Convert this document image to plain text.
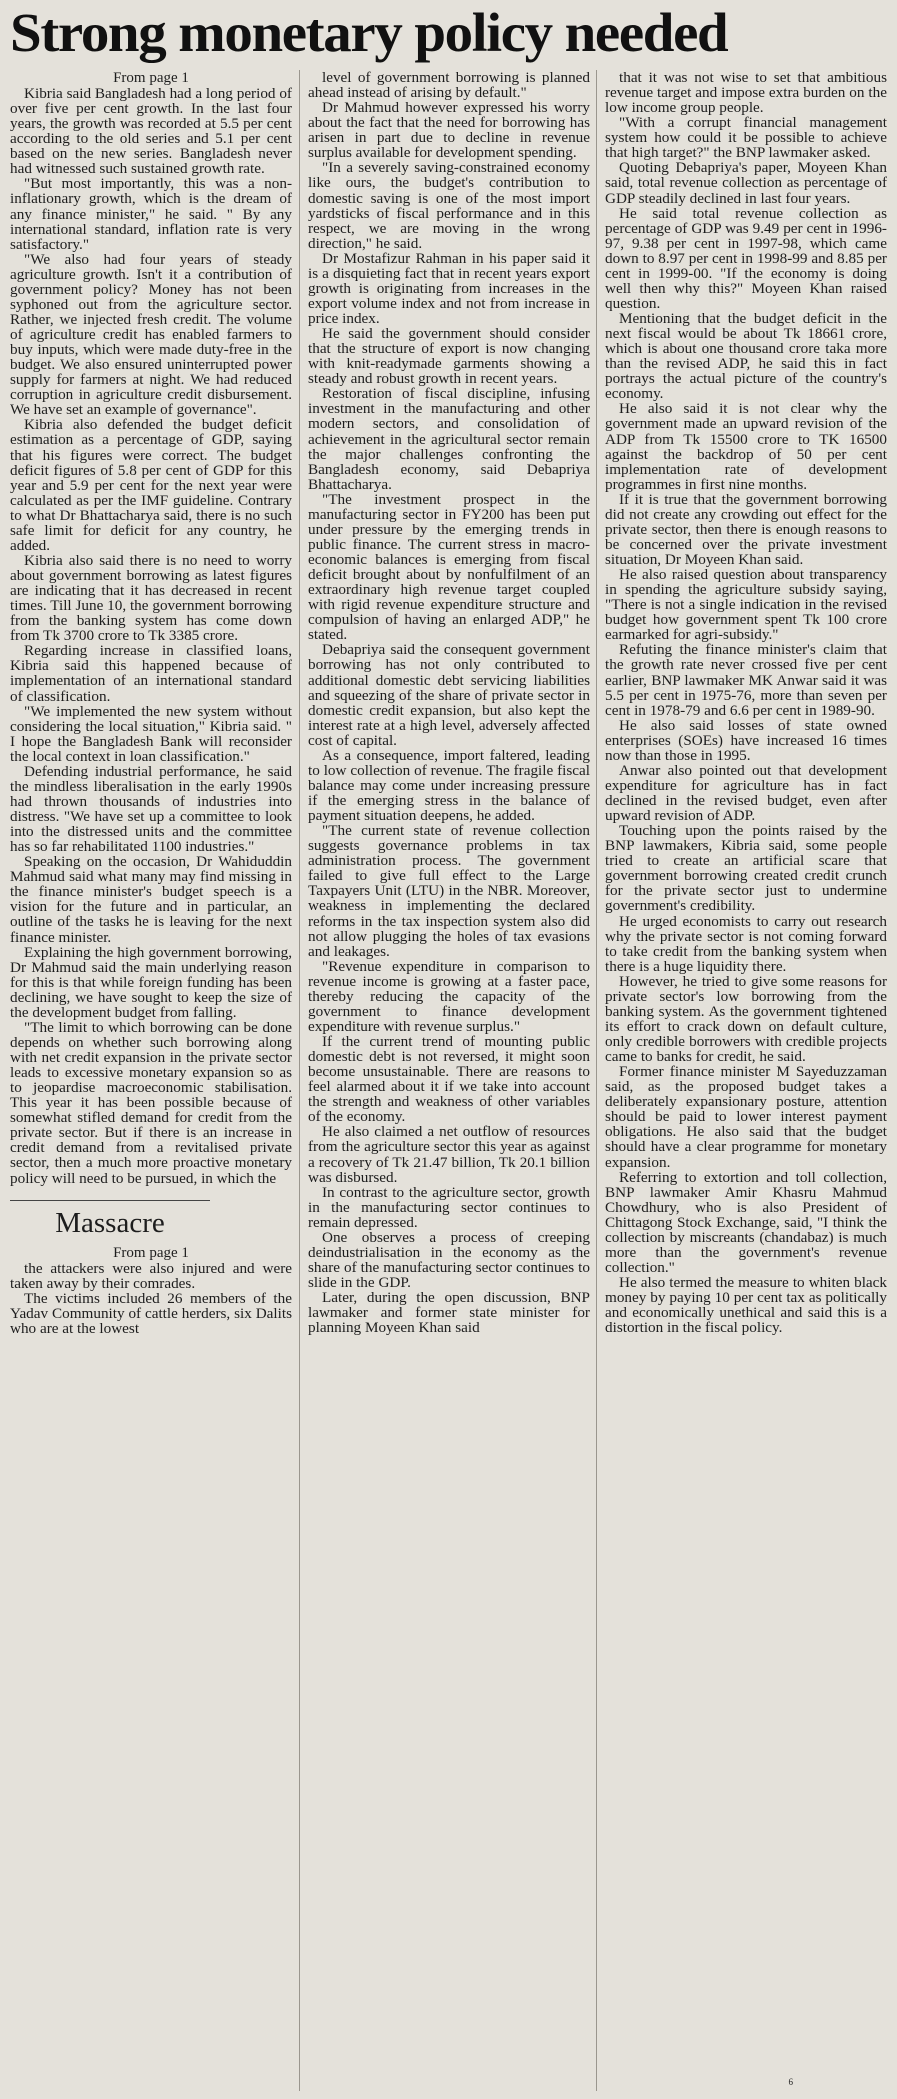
Strong monetary policy needed

From page 1

Kibria said Bangladesh had a long period of over five per cent growth. In the last four years, the growth was recorded at 5.5 per cent according to the old series and 5.1 per cent based on the new series. Bangladesh never had witnessed such sustained growth rate.

"But most importantly, this was a non-inflationary growth, which is the dream of any finance minister," he said. " By any international standard, inflation rate is very satisfactory."

"We also had four years of steady agriculture growth. Isn't it a contribution of government policy? Money has not been syphoned out from the agriculture sector. Rather, we injected fresh credit. The volume of agriculture credit has enabled farmers to buy inputs, which were made duty-free in the budget. We also ensured uninterrupted power supply for farmers at night. We had reduced corruption in agriculture credit disbursement. We have set an example of governance".

Kibria also defended the budget deficit estimation as a percentage of GDP, saying that his figures were correct. The budget deficit figures of 5.8 per cent of GDP for this year and 5.9 per cent for the next year were calculated as per the IMF guideline. Contrary to what Dr Bhattacharya said, there is no such safe limit for deficit for any country, he added.

Kibria also said there is no need to worry about government borrowing as latest figures are indicating that it has decreased in recent times. Till June 10, the government borrowing from the banking system has come down from Tk 3700 crore to Tk 3385 crore.

Regarding increase in classified loans, Kibria said this happened because of implementation of an international standard of classification.

"We implemented the new system without considering the local situation," Kibria said. " I hope the Bangladesh Bank will reconsider the local context in loan classification."

Defending industrial performance, he said the mindless liberalisation in the early 1990s had thrown thousands of industries into distress. "We have set up a committee to look into the distressed units and the committee has so far rehabilitated 1100 industries."

Speaking on the occasion, Dr Wahiduddin Mahmud said what many may find missing in the finance minister's budget speech is a vision for the future and in particular, an outline of the tasks he is leaving for the next finance minister.

Explaining the high government borrowing, Dr Mahmud said the main underlying reason for this is that while foreign funding has been declining, we have sought to keep the size of the development budget from falling.

"The limit to which borrowing can be done depends on whether such borrowing along with net credit expansion in the private sector leads to excessive monetary expansion so as to jeopardise macroeconomic stabilisation. This year it has been possible because of somewhat stifled demand for credit from the private sector. But if there is an increase in credit demand from a revitalised private sector, then a much more proactive monetary policy will need to be pursued, in which the

Massacre

From page 1

the attackers were also injured and were taken away by their comrades.

The victims included 26 members of the Yadav Community of cattle herders, six Dalits who are at the lowest

level of government borrowing is planned ahead instead of arising by default."

Dr Mahmud however expressed his worry about the fact that the need for borrowing has arisen in part due to decline in revenue surplus available for development spending.

"In a severely saving-constrained economy like ours, the budget's contribution to domestic saving is one of the most import yardsticks of fiscal performance and in this respect, we are moving in the wrong direction," he said.

Dr Mostafizur Rahman in his paper said it is a disquieting fact that in recent years export growth is originating from increases in the export volume index and not from increase in price index.

He said the government should consider that the structure of export is now changing with knit-readymade garments showing a steady and robust growth in recent years.

Restoration of fiscal discipline, infusing investment in the manufacturing and other modern sectors, and consolidation of achievement in the agricultural sector remain the major challenges confronting the Bangladesh economy, said Debapriya Bhattacharya.

"The investment prospect in the manufacturing sector in FY200 has been put under pressure by the emerging trends in public finance. The current stress in macro-economic balances is emerging from fiscal deficit brought about by nonfulfilment of an extraordinary high revenue target coupled with rigid revenue expenditure structure and compulsion of having an enlarged ADP," he stated.

Debapriya said the consequent government borrowing has not only contributed to additional domestic debt servicing liabilities and squeezing of the share of private sector in domestic credit expansion, but also kept the interest rate at a high level, adversely affected cost of capital.

As a consequence, import faltered, leading to low collection of revenue. The fragile fiscal balance may come under increasing pressure if the emerging stress in the balance of payment situation deepens, he added.

"The current state of revenue collection suggests governance problems in tax administration process. The government failed to give full effect to the Large Taxpayers Unit (LTU) in the NBR. Moreover, weakness in implementing the declared reforms in the tax inspection system also did not allow plugging the holes of tax evasions and leakages.

"Revenue expenditure in comparison to revenue income is growing at a faster pace, thereby reducing the capacity of the government to finance development expenditure with revenue surplus."

If the current trend of mounting public domestic debt is not reversed, it might soon become unsustainable. There are reasons to feel alarmed about it if we take into account the strength and weakness of other variables of the economy.

He also claimed a net outflow of resources from the agriculture sector this year as against a recovery of Tk 21.47 billion, Tk 20.1 billion was disbursed.

In contrast to the agriculture sector, growth in the manufacturing sector continues to remain depressed.

One observes a process of creeping deindustrialisation in the economy as the share of the manufacturing sector continues to slide in the GDP.

Later, during the open discussion, BNP lawmaker and former state minister for planning Moyeen Khan said

that it was not wise to set that ambitious revenue target and impose extra burden on the low income group people.

"With a corrupt financial management system how could it be possible to achieve that high target?" the BNP lawmaker asked.

Quoting Debapriya's paper, Moyeen Khan said, total revenue collection as percentage of GDP steadily declined in last four years.

He said total revenue collection as percentage of GDP was 9.49 per cent in 1996-97, 9.38 per cent in 1997-98, which came down to 8.97 per cent in 1998-99 and 8.85 per cent in 1999-00. "If the economy is doing well then why this?" Moyeen Khan raised question.

Mentioning that the budget deficit in the next fiscal would be about Tk 18661 crore, which is about one thousand crore taka more than the revised ADP, he said this in fact portrays the actual picture of the country's economy.

He also said it is not clear why the government made an upward revision of the ADP from Tk 15500 crore to TK 16500 against the backdrop of 50 per cent implementation rate of development programmes in first nine months.

If it is true that the government borrowing did not create any crowding out effect for the private sector, then there is enough reasons to be concerned over the private investment situation, Dr Moyeen Khan said.

He also raised question about transparency in spending the agriculture subsidy saying, "There is not a single indication in the revised budget how government spent Tk 100 crore earmarked for agri-subsidy."

Refuting the finance minister's claim that the growth rate never crossed five per cent earlier, BNP lawmaker MK Anwar said it was 5.5 per cent in 1975-76, more than seven per cent in 1978-79 and 6.6 per cent in 1989-90.

He also said losses of state owned enterprises (SOEs) have increased 16 times now than those in 1995.

Anwar also pointed out that development expenditure for agriculture has in fact declined in the revised budget, even after upward revision of ADP.

Touching upon the points raised by the BNP lawmakers, Kibria said, some people tried to create an artificial scare that government borrowing created credit crunch for the private sector just to undermine government's credibility.

He urged economists to carry out research why the private sector is not coming forward to take credit from the banking system when there is a huge liquidity there.

However, he tried to give some reasons for private sector's low borrowing from the banking system. As the government tightened its effort to crack down on default culture, only credible borrowers with credible projects came to banks for credit, he said.

Former finance minister M Sayeduzzaman said, as the proposed budget takes a deliberately expansionary posture, attention should be paid to lower interest payment obligations. He also said that the budget should have a clear programme for monetary expansion.

Referring to extortion and toll collection, BNP lawmaker Amir Khasru Mahmud Chowdhury, who is also President of Chittagong Stock Exchange, said, "I think the collection by miscreants (chandabaz) is much more than the government's revenue collection."

He also termed the measure to whiten black money by paying 10 per cent tax as politically and economically unethical and said this is a distortion in the fiscal policy.

6
